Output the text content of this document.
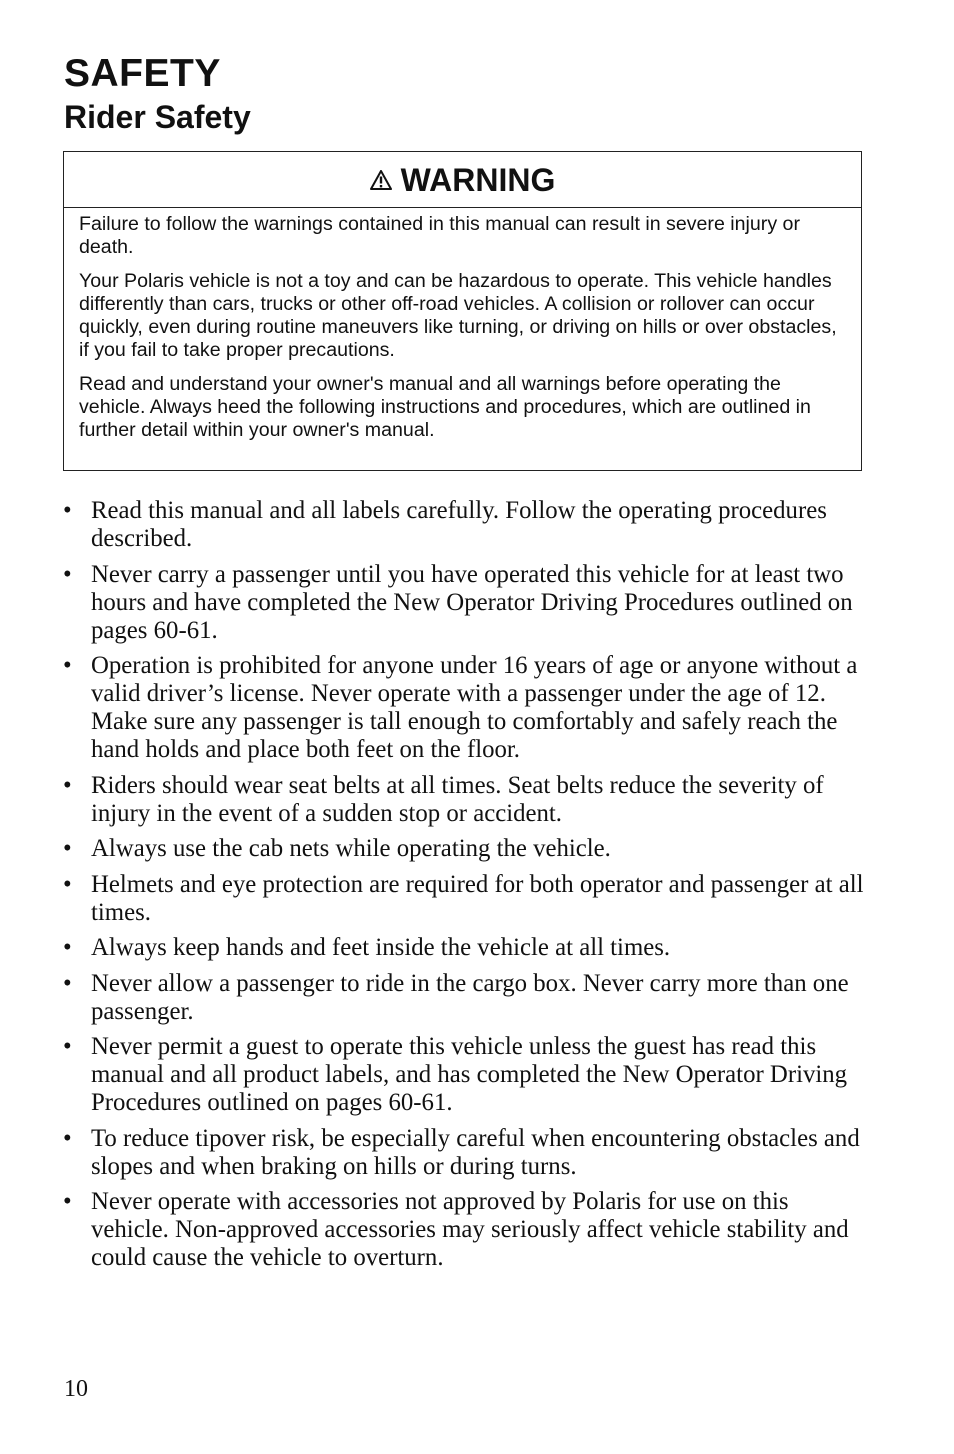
SAFETY
Rider Safety
WARNING

Failure to follow the warnings contained in this manual can result in severe injury or death.

Your Polaris vehicle is not a toy and can be hazardous to operate. This vehicle handles differently than cars, trucks or other off-road vehicles. A collision or rollover can occur quickly, even during routine maneuvers like turning, or driving on hills or over obstacles, if you fail to take proper precautions.

Read and understand your owner's manual and all warnings before operating the vehicle. Always heed the following instructions and procedures, which are outlined in further detail within your owner's manual.

• Read this manual and all labels carefully. Follow the operating procedures described.
• Never carry a passenger until you have operated this vehicle for at least two hours and have completed the New Operator Driving Procedures outlined on pages 60-61.
• Operation is prohibited for anyone under 16 years of age or anyone without a valid driver’s license. Never operate with a passenger under the age of 12. Make sure any passenger is tall enough to comfortably and safely reach the hand holds and place both feet on the floor.
• Riders should wear seat belts at all times. Seat belts reduce the severity of injury in the event of a sudden stop or accident.
• Always use the cab nets while operating the vehicle.
• Helmets and eye protection are required for both operator and passenger at all times.
• Always keep hands and feet inside the vehicle at all times.
• Never allow a passenger to ride in the cargo box. Never carry more than one passenger.
• Never permit a guest to operate this vehicle unless the guest has read this manual and all product labels, and has completed the New Operator Driving Procedures outlined on pages 60-61.
• To reduce tipover risk, be especially careful when encountering obstacles and slopes and when braking on hills or during turns.
• Never operate with accessories not approved by Polaris for use on this vehicle. Non-approved accessories may seriously affect vehicle stability and could cause the vehicle to overturn.
10
